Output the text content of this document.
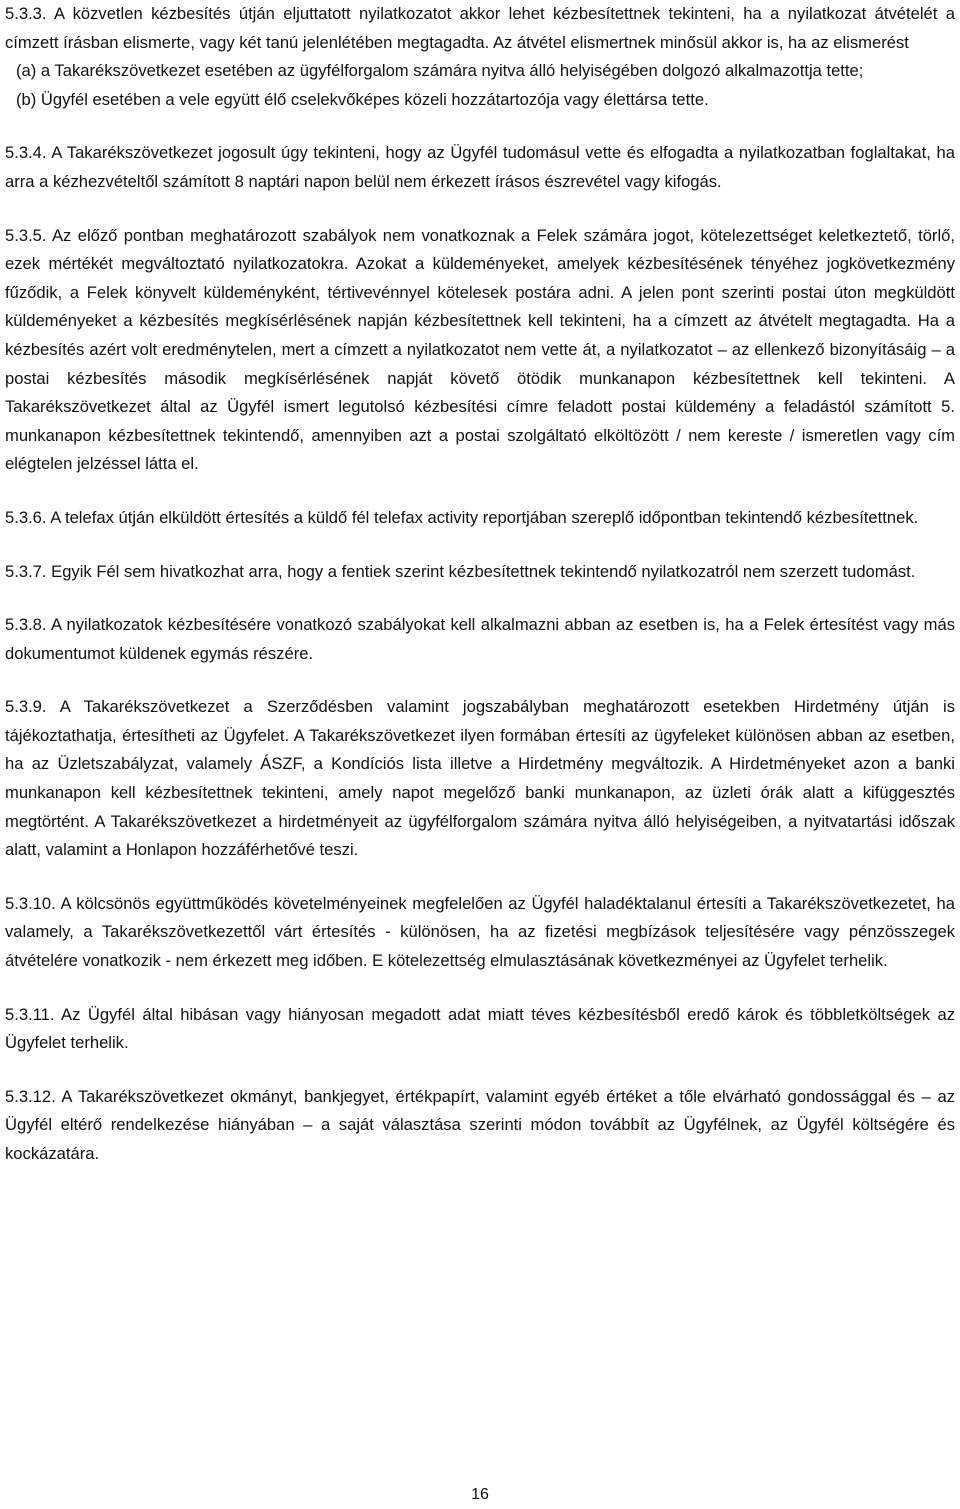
5.3.3. A közvetlen kézbesítés útján eljuttatott nyilatkozatot akkor lehet kézbesítettnek tekinteni, ha a nyilatkozat átvételét a címzett írásban elismerte, vagy két tanú jelenlétében megtagadta. Az átvétel elismertnek minősül akkor is, ha az elismerést

(a) a Takarékszövetkezet esetében az ügyfélforgalom számára nyitva álló helyiségében dolgozó alkalmazottja tette;

(b) Ügyfél esetében a vele együtt élő cselekvőképes közeli hozzátartozója vagy élettársa tette.

5.3.4. A Takarékszövetkezet jogosult úgy tekinteni, hogy az Ügyfél tudomásul vette és elfogadta a nyilatkozatban foglaltakat, ha arra a kézhezvételtől számított 8 naptári napon belül nem érkezett írásos észrevétel vagy kifogás.

5.3.5. Az előző pontban meghatározott szabályok nem vonatkoznak a Felek számára jogot, kötelezettséget keletkeztető, törlő, ezek mértékét megváltoztató nyilatkozatokra. Azokat a küldeményeket, amelyek kézbesítésének tényéhez jogkövetkezmény fűződik, a Felek könyvelt küldeményként, tértivevénnyel kötelesek postára adni. A jelen pont szerinti postai úton megküldött küldeményeket a kézbesítés megkísérlésének napján kézbesítettnek kell tekinteni, ha a címzett az átvételt megtagadta. Ha a kézbesítés azért volt eredménytelen, mert a címzett a nyilatkozatot nem vette át, a nyilatkozatot – az ellenkező bizonyításáig – a postai kézbesítés második megkísérlésének napját követő ötödik munkanapon kézbesítettnek kell tekinteni. A Takarékszövetkezet által az Ügyfél ismert legutolsó kézbesítési címre feladott postai küldemény a feladástól számított 5. munkanapon kézbesítettnek tekintendő, amennyiben azt a postai szolgáltató elköltözött / nem kereste / ismeretlen vagy cím elégtelen jelzéssel látta el.

5.3.6. A telefax útján elküldött értesítés a küldő fél telefax activity reportjában szereplő időpontban tekintendő kézbesítettnek.

5.3.7. Egyik Fél sem hivatkozhat arra, hogy a fentiek szerint kézbesítettnek tekintendő nyilatkozatról nem szerzett tudomást.

5.3.8. A nyilatkozatok kézbesítésére vonatkozó szabályokat kell alkalmazni abban az esetben is, ha a Felek értesítést vagy más dokumentumot küldenek egymás részére.

5.3.9. A Takarékszövetkezet a Szerződésben valamint jogszabályban meghatározott esetekben Hirdetmény útján is tájékoztathatja, értesítheti az Ügyfelet. A Takarékszövetkezet ilyen formában értesíti az ügyfeleket különösen abban az esetben, ha az Üzletszabályzat, valamely ÁSZF, a Kondíciós lista illetve a Hirdetmény megváltozik. A Hirdetményeket azon a banki munkanapon kell kézbesítettnek tekinteni, amely napot megelőző banki munkanapon, az üzleti órák alatt a kifüggesztés megtörtént. A Takarékszövetkezet a hirdetményeit az ügyfélforgalom számára nyitva álló helyiségeiben, a nyitvatartási időszak alatt, valamint a Honlapon hozzáférhetővé teszi.

5.3.10. A kölcsönös együttműködés követelményeinek megfelelően az Ügyfél haladéktalanul értesíti a Takarékszövetkezetet, ha valamely, a Takarékszövetkezettől várt értesítés - különösen, ha az fizetési megbízások teljesítésére vagy pénzösszegek átvételére vonatkozik - nem érkezett meg időben. E kötelezettség elmulasztásának következményei az Ügyfelet terhelik.

5.3.11. Az Ügyfél által hibásan vagy hiányosan megadott adat miatt téves kézbesítésből eredő károk és többletköltségek az Ügyfelet terhelik.

5.3.12. A Takarékszövetkezet okmányt, bankjegyet, értékpapírt, valamint egyéb értéket a tőle elvárható gondossággal és – az Ügyfél eltérő rendelkezése hiányában – a saját választása szerinti módon továbbít az Ügyfélnek, az Ügyfél költségére és kockázatára.

16
